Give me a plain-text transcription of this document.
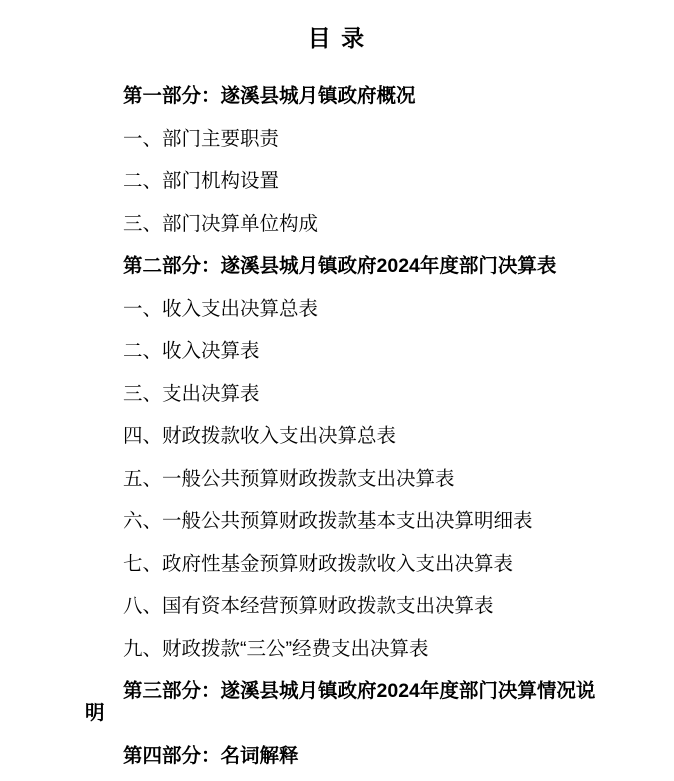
目 录

第一部分：遂溪县城月镇政府概况

一、部门主要职责

二、部门机构设置

三、部门决算单位构成

第二部分：遂溪县城月镇政府2024年度部门决算表

一、收入支出决算总表

二、收入决算表

三、支出决算表

四、财政拨款收入支出决算总表

五、一般公共预算财政拨款支出决算表

六、一般公共预算财政拨款基本支出决算明细表

七、政府性基金预算财政拨款收入支出决算表

八、国有资本经营预算财政拨款支出决算表

九、财政拨款“三公”经费支出决算表

第三部分：遂溪县城月镇政府2024年度部门决算情况说明

第四部分：名词解释
